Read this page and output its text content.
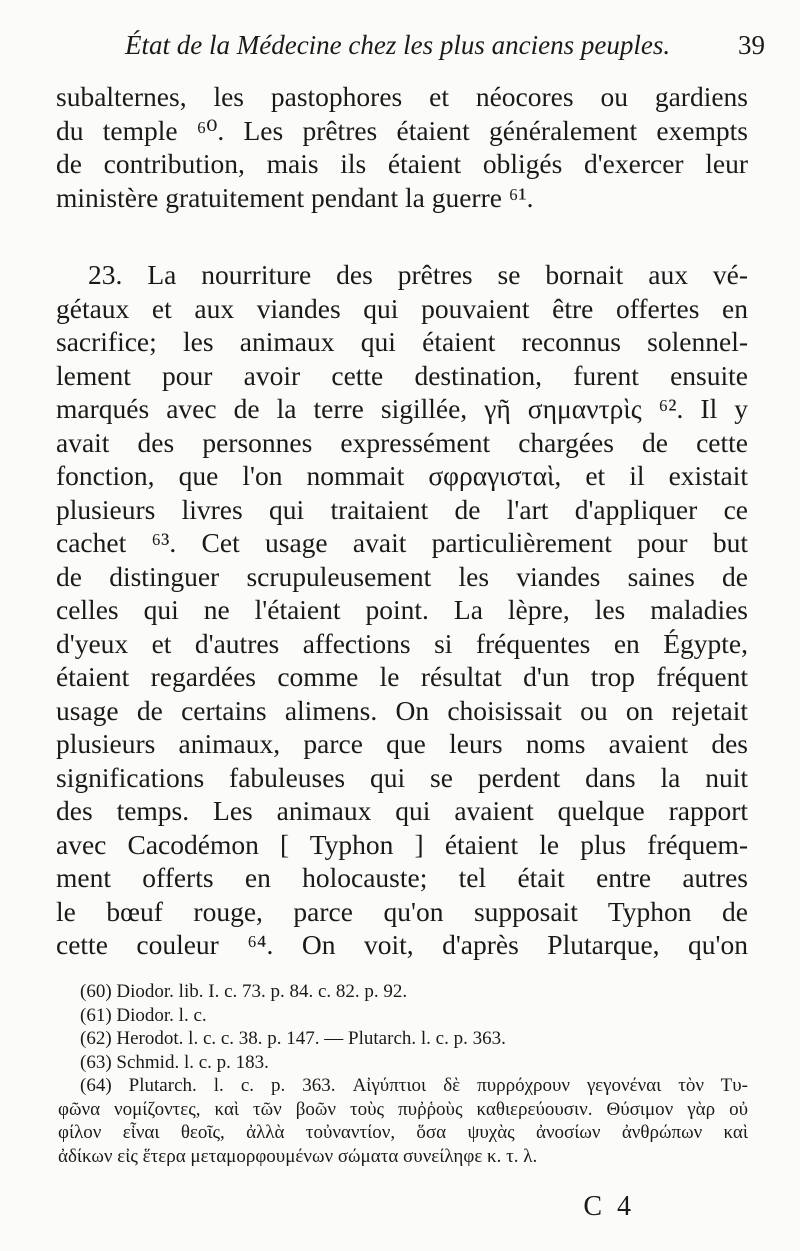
État de la Médecine chez les plus anciens peuples.	39
subalternes, les pastophores et néocores ou gardiens
du temple ⁶⁰. Les prêtres étaient généralement exempts
de contribution, mais ils étaient obligés d'exercer leur
ministère gratuitement pendant la guerre ⁶¹.
23. La nourriture des prêtres se bornait aux vé-
gétaux et aux viandes qui pouvaient être offertes en
sacrifice; les animaux qui étaient reconnus solennel-
lement pour avoir cette destination, furent ensuite
marqués avec de la terre sigillée, γῆ σημαντρὶς ⁶². Il y
avait des personnes expressément chargées de cette
fonction, que l'on nommait σφραγισταὶ, et il existait
plusieurs livres qui traitaient de l'art d'appliquer ce
cachet ⁶³. Cet usage avait particulièrement pour but
de distinguer scrupuleusement les viandes saines de
celles qui ne l'étaient point. La lèpre, les maladies
d'yeux et d'autres affections si fréquentes en Égypte,
étaient regardées comme le résultat d'un trop fréquent
usage de certains alimens. On choisissait ou on rejetait
plusieurs animaux, parce que leurs noms avaient des
significations fabuleuses qui se perdent dans la nuit
des temps. Les animaux qui avaient quelque rapport
avec Cacodémon [ Typhon ] étaient le plus fréquem-
ment offerts en holocauste; tel était entre autres
le bœuf rouge, parce qu'on supposait Typhon de
cette couleur ⁶⁴. On voit, d'après Plutarque, qu'on
(60) Diodor. lib. I. c. 73. p. 84. c. 82. p. 92.
(61) Diodor. l. c.
(62) Herodot. l. c. c. 38. p. 147. — Plutarch. l. c. p. 363.
(63) Schmid. l. c. p. 183.
(64) Plutarch. l. c. p. 363. Αἰγύπτιοι δὲ πυρρόχρουν γεγονέναι τὸν Τυ-
φῶνα νομίζοντες, καὶ τῶν βοῶν τοὺς πυῤῥοὺς καθιερεύουσιν. Θύσιμον γὰρ οὐ
φίλον εἶναι θεοῖς, ἀλλὰ τοὐναντίον, ὅσα ψυχὰς ἀνοσίων ἀνθρώπων καὶ
ἀδίκων εἰς ἕτερα μεταμορφουμένων σώματα συνείληφε κ. τ. λ.
C 4
